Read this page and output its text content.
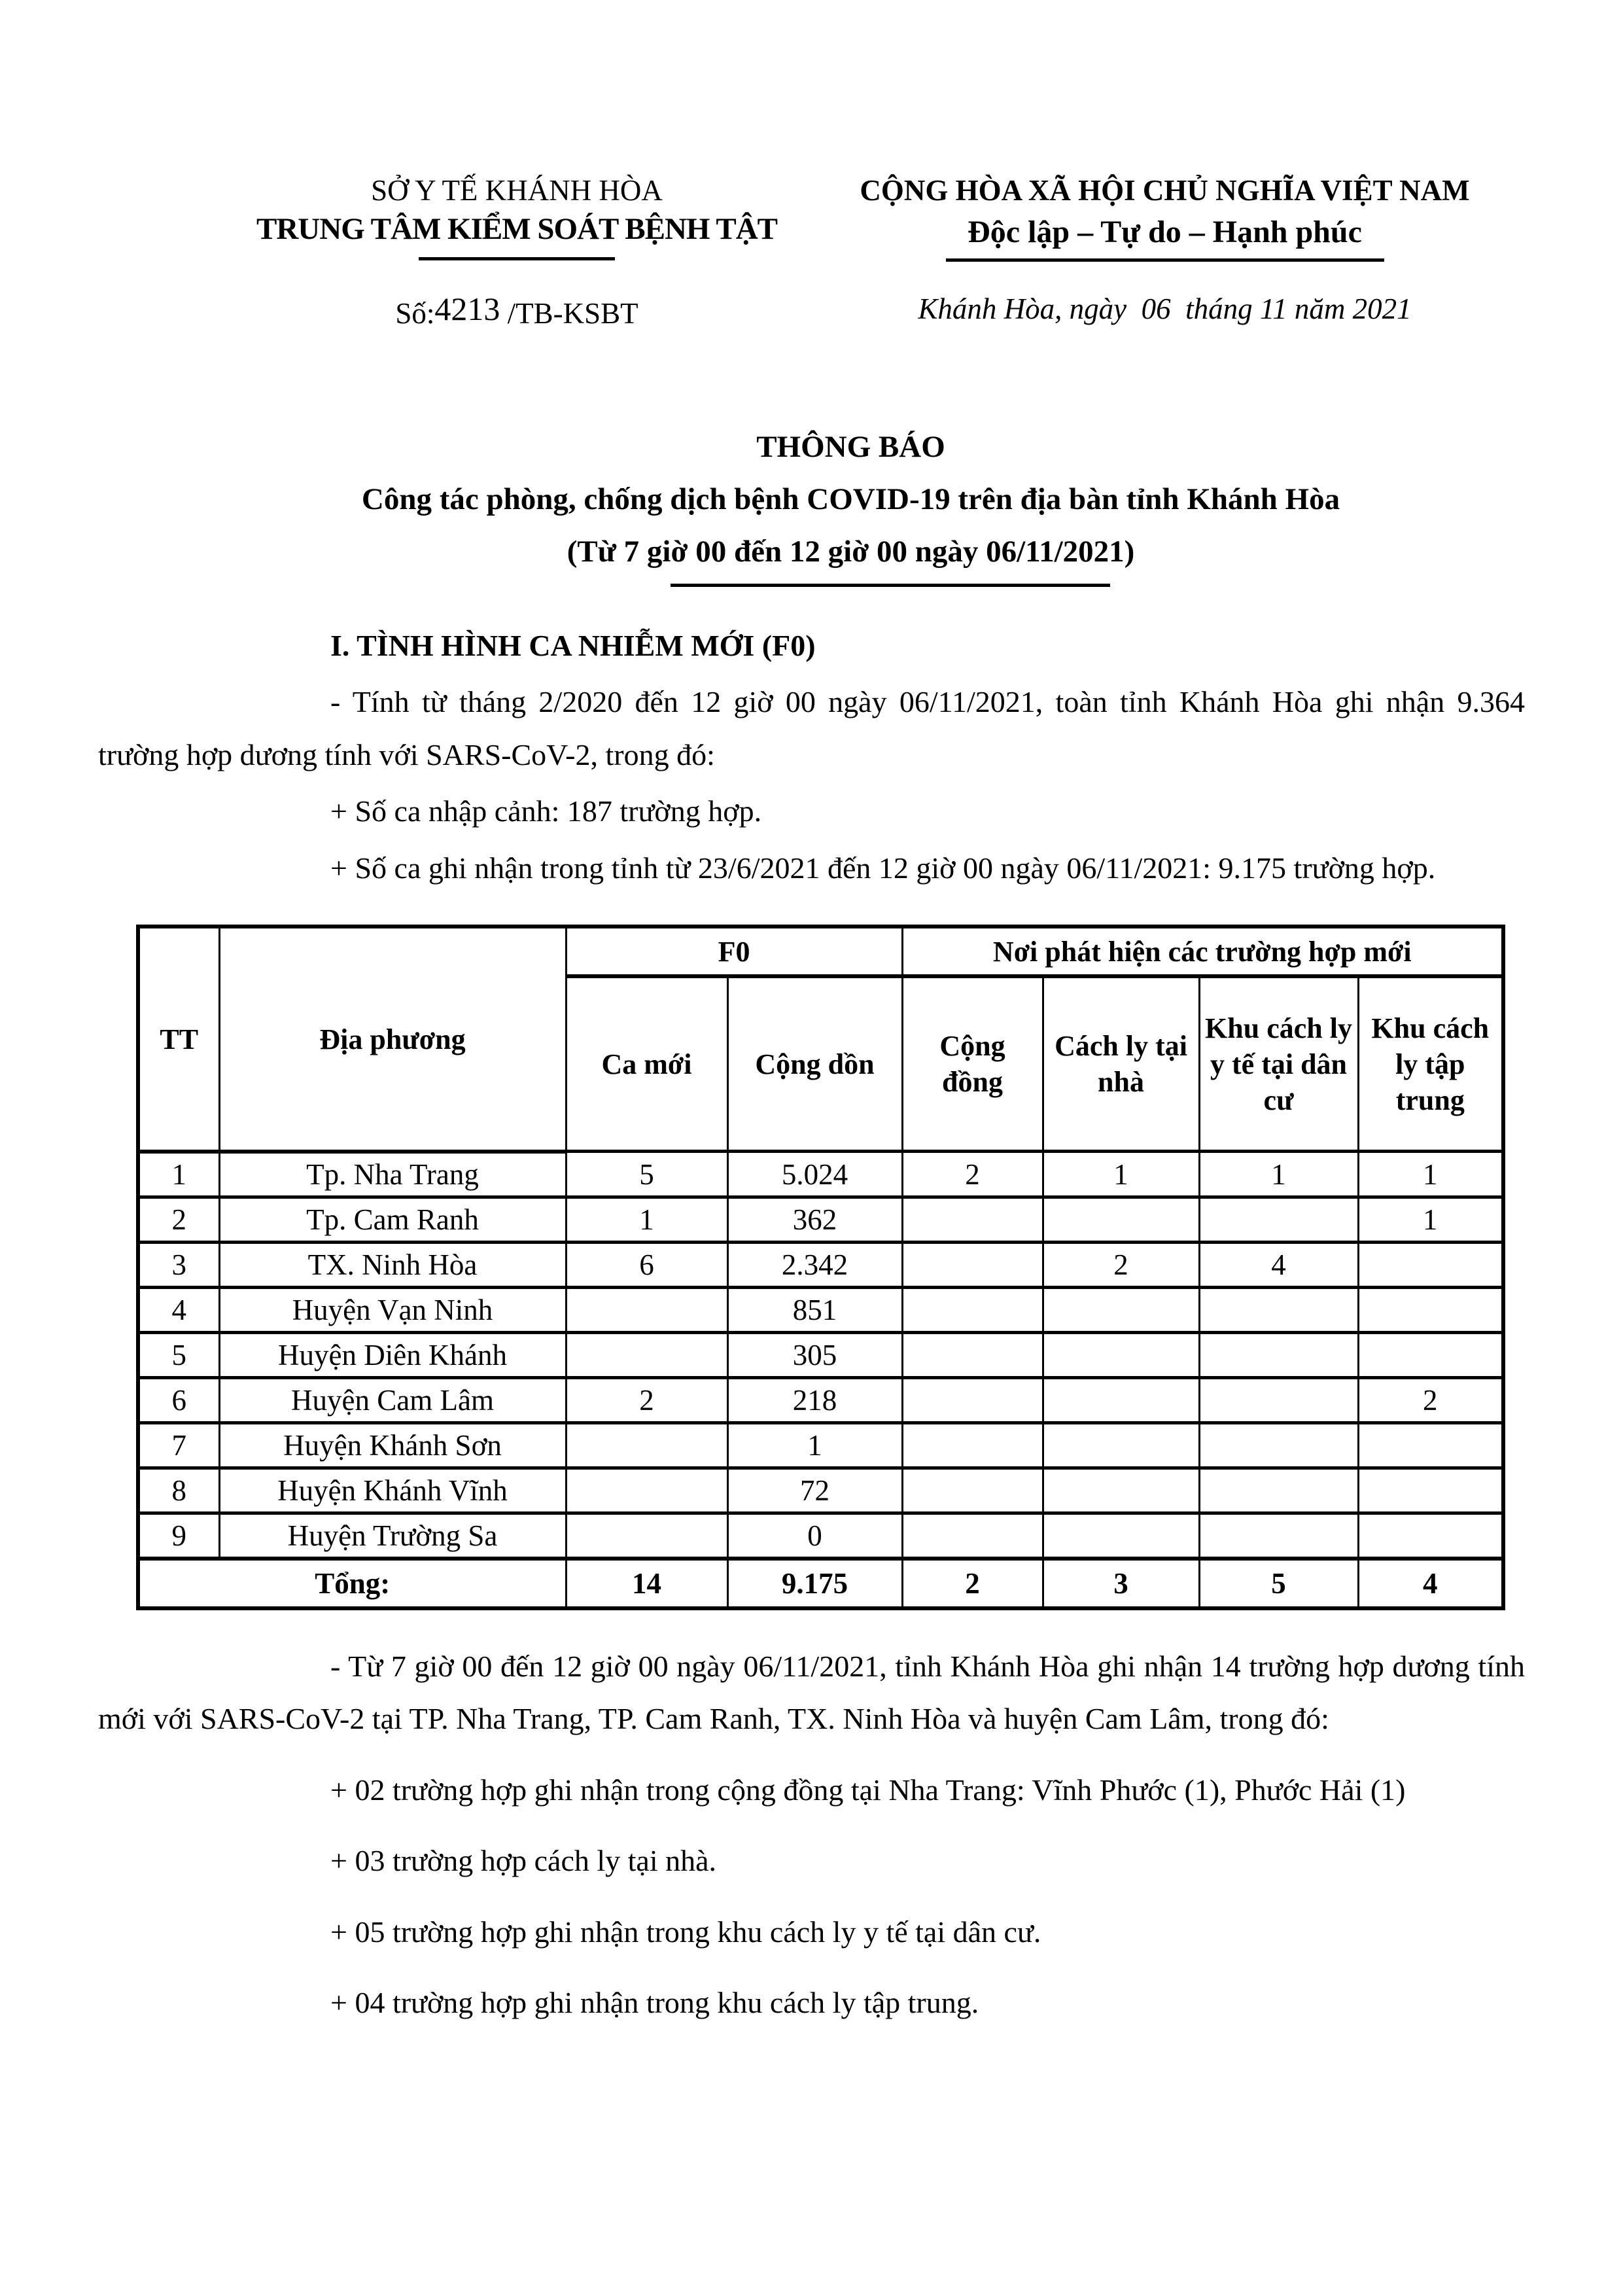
SỞ Y TẾ KHÁNH HÒA
TRUNG TÂM KIỂM SOÁT BỆNH TẬT
Số:4213 /TB-KSBT
CỘNG HÒA XÃ HỘI CHỦ NGHĨA VIỆT NAM
Độc lập – Tự do – Hạnh phúc
Khánh Hòa, ngày  06  tháng 11 năm 2021
THÔNG BÁO
Công tác phòng, chống dịch bệnh COVID-19 trên địa bàn tỉnh Khánh Hòa
(Từ 7 giờ 00 đến 12 giờ 00 ngày 06/11/2021)
I. TÌNH HÌNH CA NHIỄM MỚI (F0)

- Tính từ tháng 2/2020 đến 12 giờ 00 ngày 06/11/2021, toàn tỉnh Khánh Hòa ghi nhận 9.364 trường hợp dương tính với SARS-CoV-2, trong đó:

+ Số ca nhập cảnh: 187 trường hợp.

+ Số ca ghi nhận trong tỉnh từ 23/6/2021 đến 12 giờ 00 ngày 06/11/2021: 9.175 trường hợp.

TT	Địa phương	F0		Nơi phát hiện các trường hợp mới			
		Ca mới	Cộng dồn	Cộng đồng	Cách ly tại nhà	Khu cách ly y tế tại dân cư	Khu cách ly tập trung
1	Tp. Nha Trang	5	5.024	2	1	1	1
2	Tp. Cam Ranh	1	362				1
3	TX. Ninh Hòa	6	2.342		2	4	
4	Huyện Vạn Ninh		851				
5	Huyện Diên Khánh		305				
6	Huyện Cam Lâm	2	218				2
7	Huyện Khánh Sơn		1				
8	Huyện Khánh Vĩnh		72				
9	Huyện Trường Sa		0				
Tổng:		14	9.175	2	3	5	4

- Từ 7 giờ 00 đến 12 giờ 00 ngày 06/11/2021, tỉnh Khánh Hòa ghi nhận 14 trường hợp dương tính mới với SARS-CoV-2 tại TP. Nha Trang, TP. Cam Ranh, TX. Ninh Hòa và huyện Cam Lâm, trong đó:

+ 02 trường hợp ghi nhận trong cộng đồng tại Nha Trang: Vĩnh Phước (1), Phước Hải (1)

+ 03 trường hợp cách ly tại nhà.

+ 05 trường hợp ghi nhận trong khu cách ly y tế tại dân cư.

+ 04 trường hợp ghi nhận trong khu cách ly tập trung.
